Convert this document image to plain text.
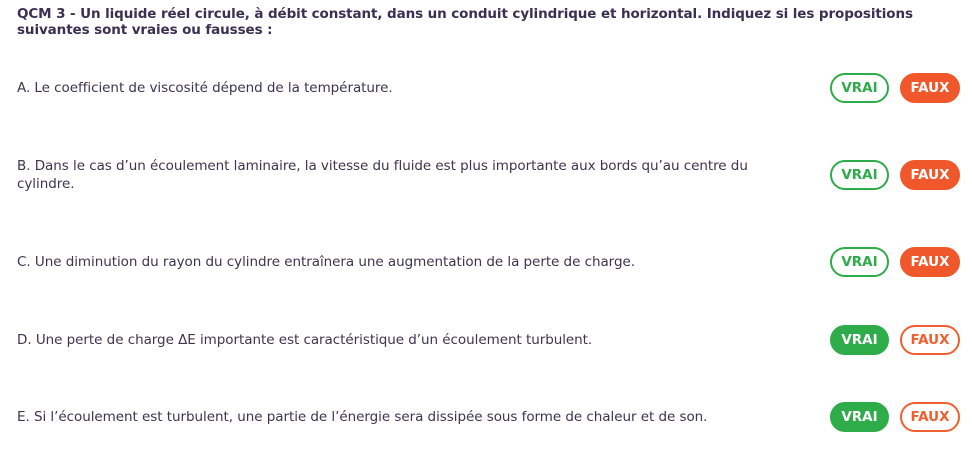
QCM 3 - Un liquide réel circule, à débit constant, dans un conduit cylindrique et horizontal. Indiquez si les propositions suivantes sont vraies ou fausses :
A. Le coefficient de viscosité dépend de la température.	VRAI	FAUX
B. Dans le cas d’un écoulement laminaire, la vitesse du fluide est plus importante aux bords qu’au centre du cylindre.
VRAI	FAUX
C. Une diminution du rayon du cylindre entraînera une augmentation de la perte de charge.	VRAI	FAUX
D. Une perte de charge ΔE importante est caractéristique d’un écoulement turbulent.	VRAI	FAUX
E. Si l’écoulement est turbulent, une partie de l’énergie sera dissipée sous forme de chaleur et de son.	VRAI	FAUX
